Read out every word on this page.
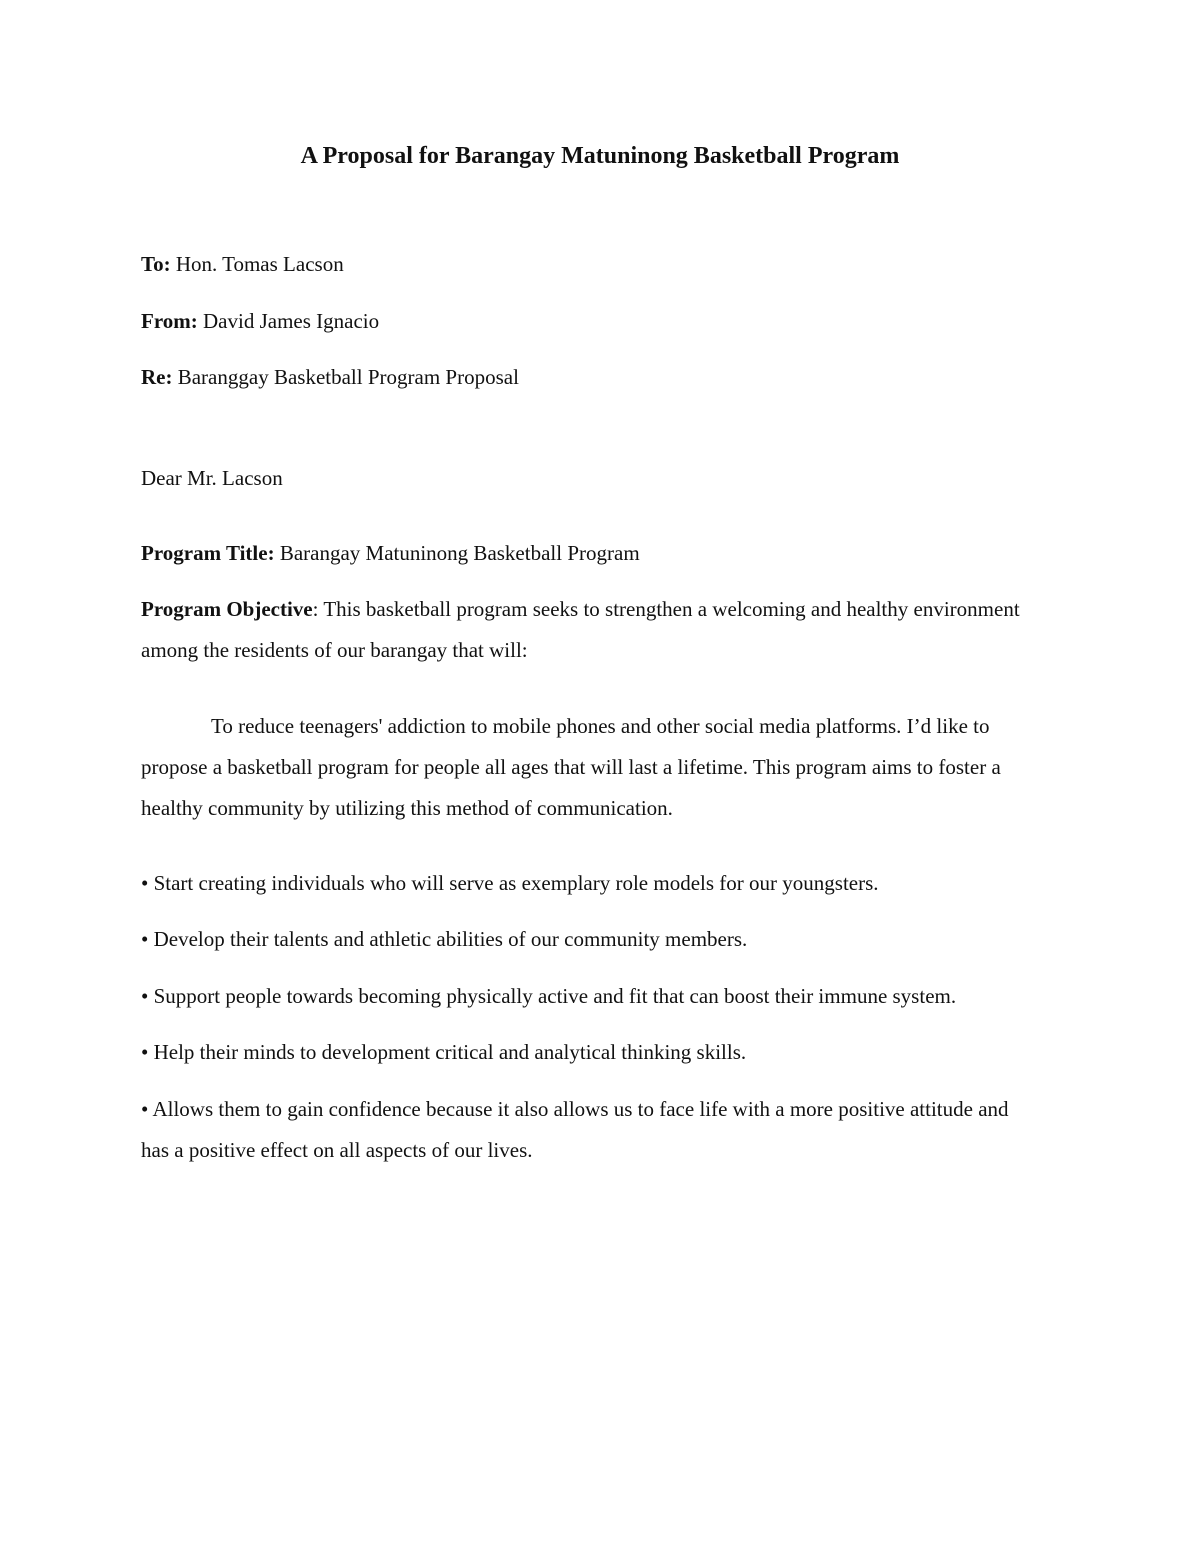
A Proposal for Barangay Matuninong Basketball Program

To: Hon. Tomas Lacson

From: David James Ignacio

Re: Baranggay Basketball Program Proposal

Dear Mr. Lacson

Program Title: Barangay Matuninong Basketball Program

Program Objective: This basketball program seeks to strengthen a welcoming and healthy environment among the residents of our barangay that will:

To reduce teenagers' addiction to mobile phones and other social media platforms. I’d like to propose a basketball program for people all ages that will last a lifetime. This program aims to foster a healthy community by utilizing this method of communication.

• Start creating individuals who will serve as exemplary role models for our youngsters.

• Develop their talents and athletic abilities of our community members.

• Support people towards becoming physically active and fit that can boost their immune system.

• Help their minds to development critical and analytical thinking skills.

• Allows them to gain confidence because it also allows us to face life with a more positive attitude and has a positive effect on all aspects of our lives.
